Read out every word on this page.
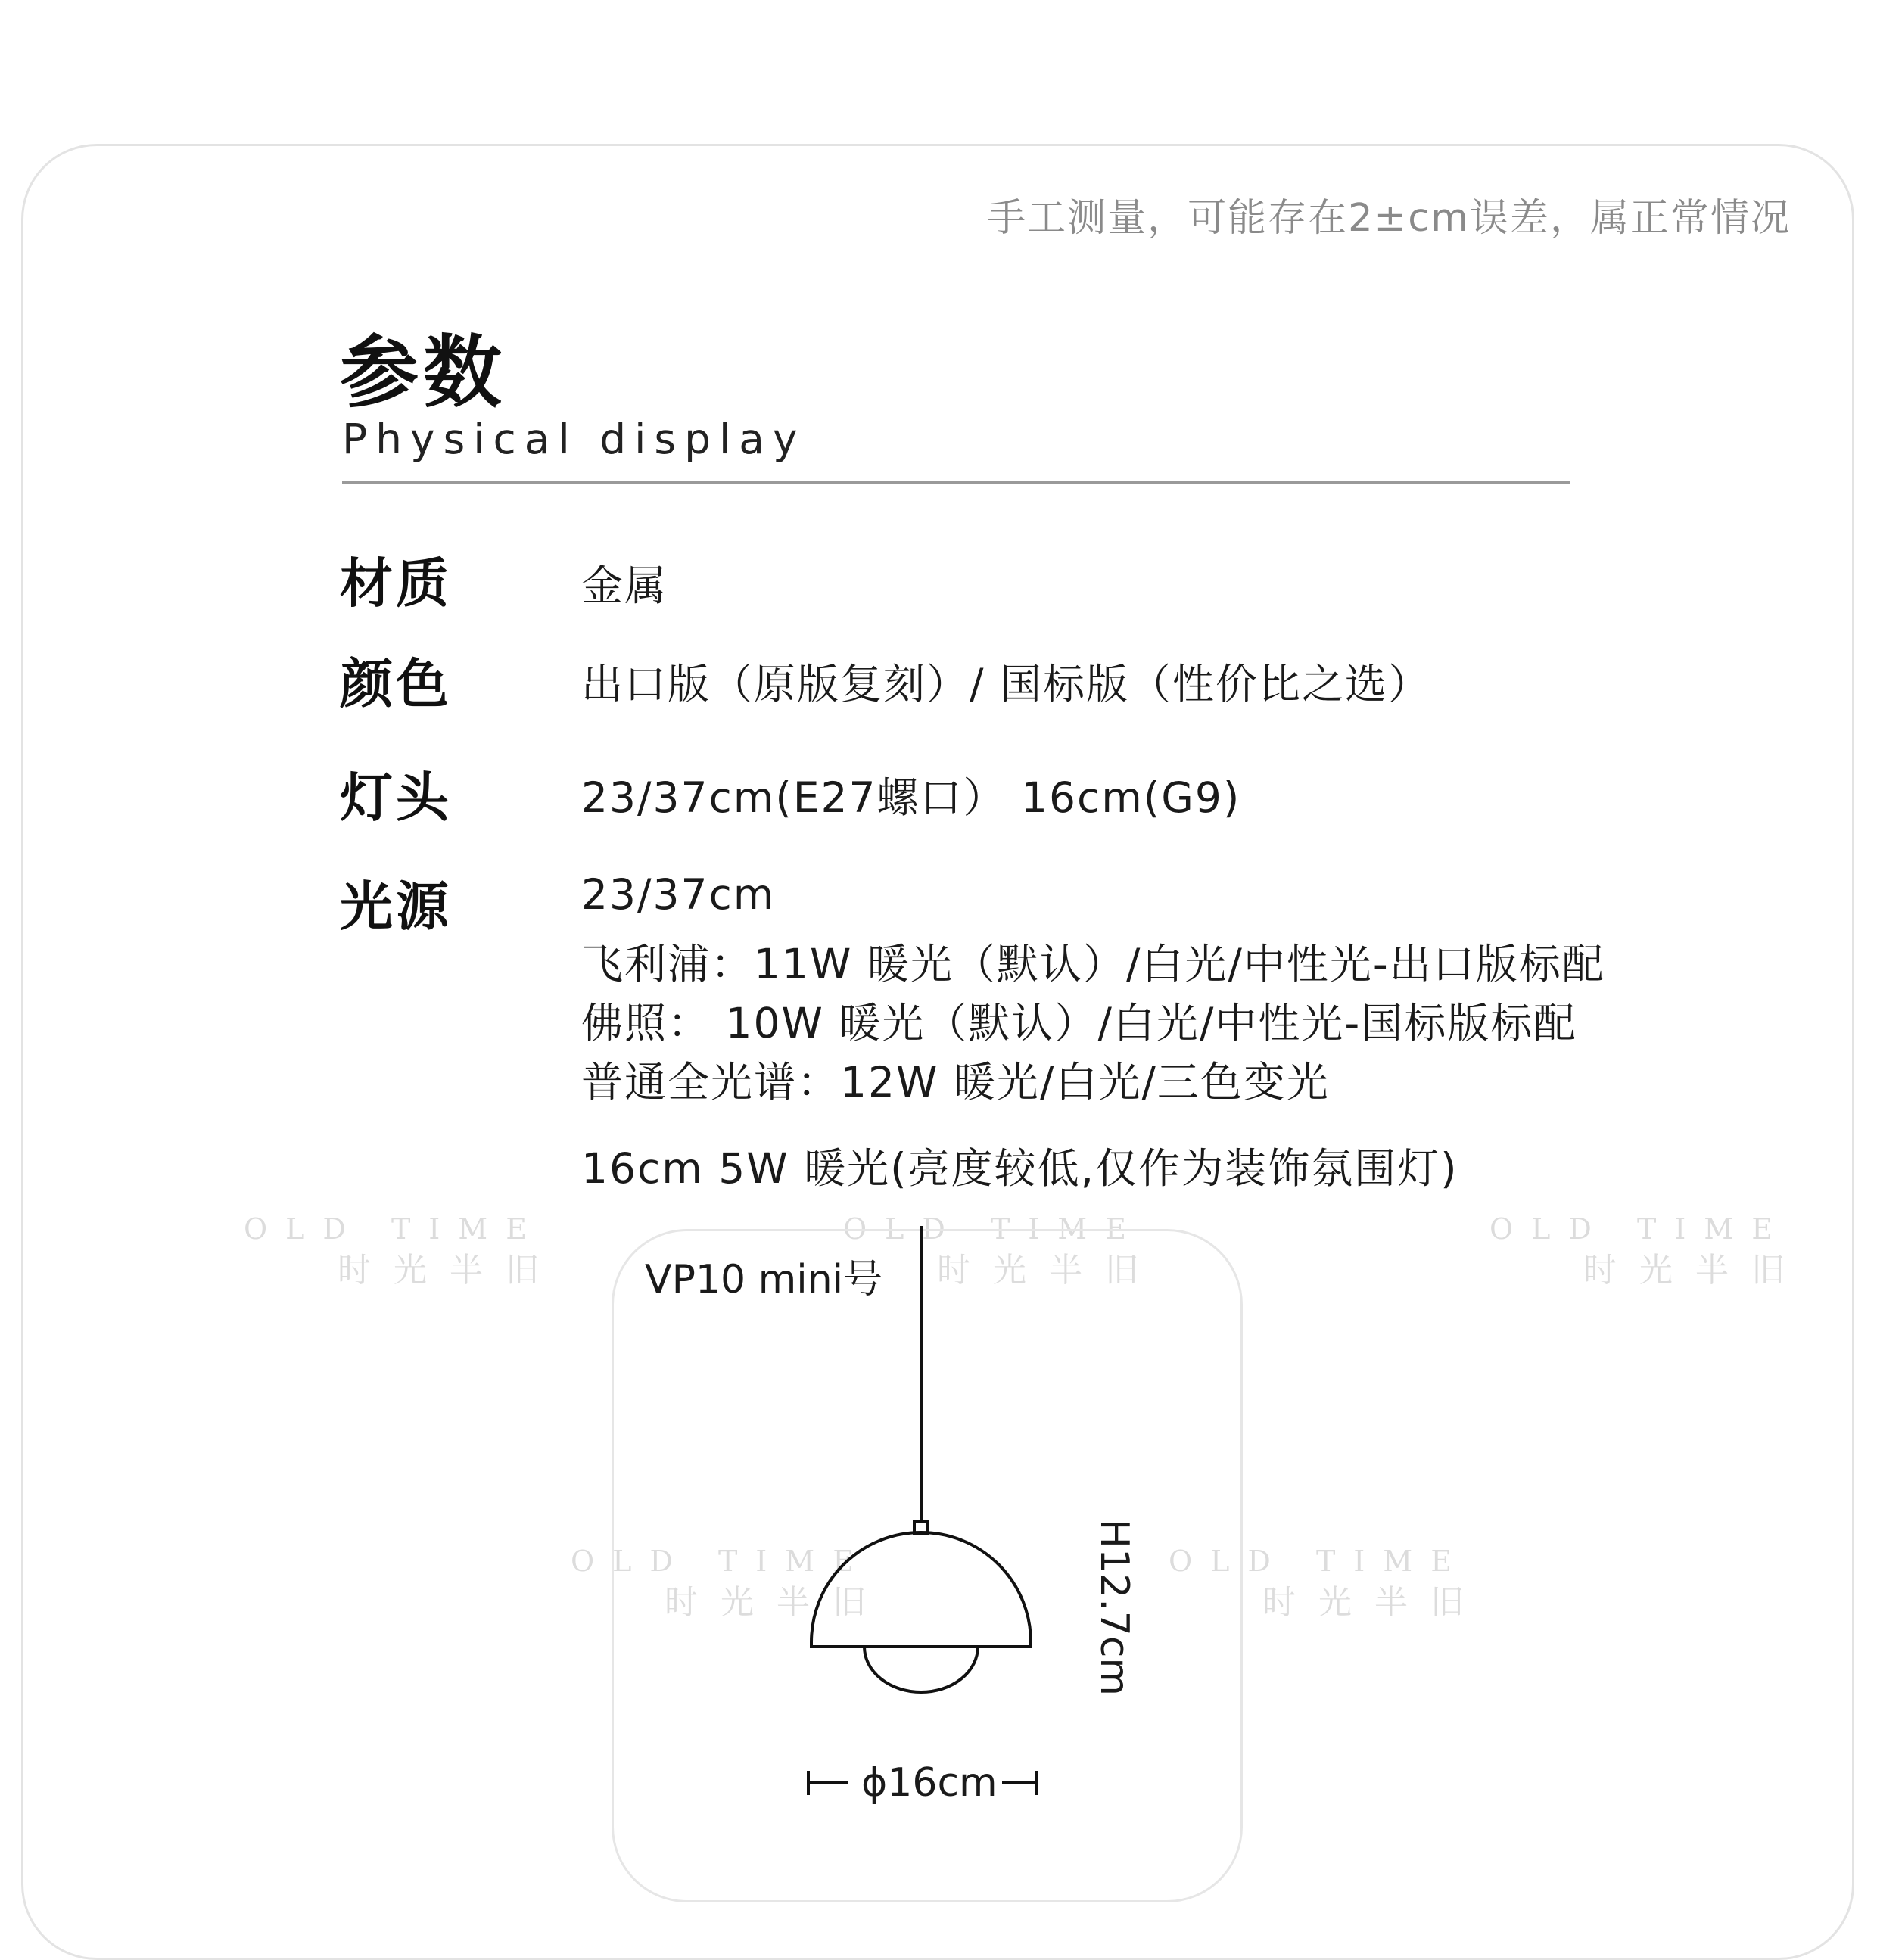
手工测量，可能存在2±cm误差，属正常情况
参数
Physical display
材质	金属
颜色	出口版（原版复刻）/ 国标版（性价比之选）
灯头	23/37cm(E27螺口） 16cm(G9)
光源	23/37cm
飞利浦：11W 暖光（默认）/白光/中性光-出口版标配
佛照： 10W 暖光（默认）/白光/中性光-国标版标配
普通全光谱：12W 暖光/白光/三色变光
16cm 5W 暖光(亮度较低,仅作为装饰氛围灯)
OLD TIME
时光半旧
OLD TIME
时光半旧
OLD TIME
时光半旧
OLD TIME
时光半旧
OLD TIME
时光半旧
VP10 mini号
H12.7cm
ϕ16cm
